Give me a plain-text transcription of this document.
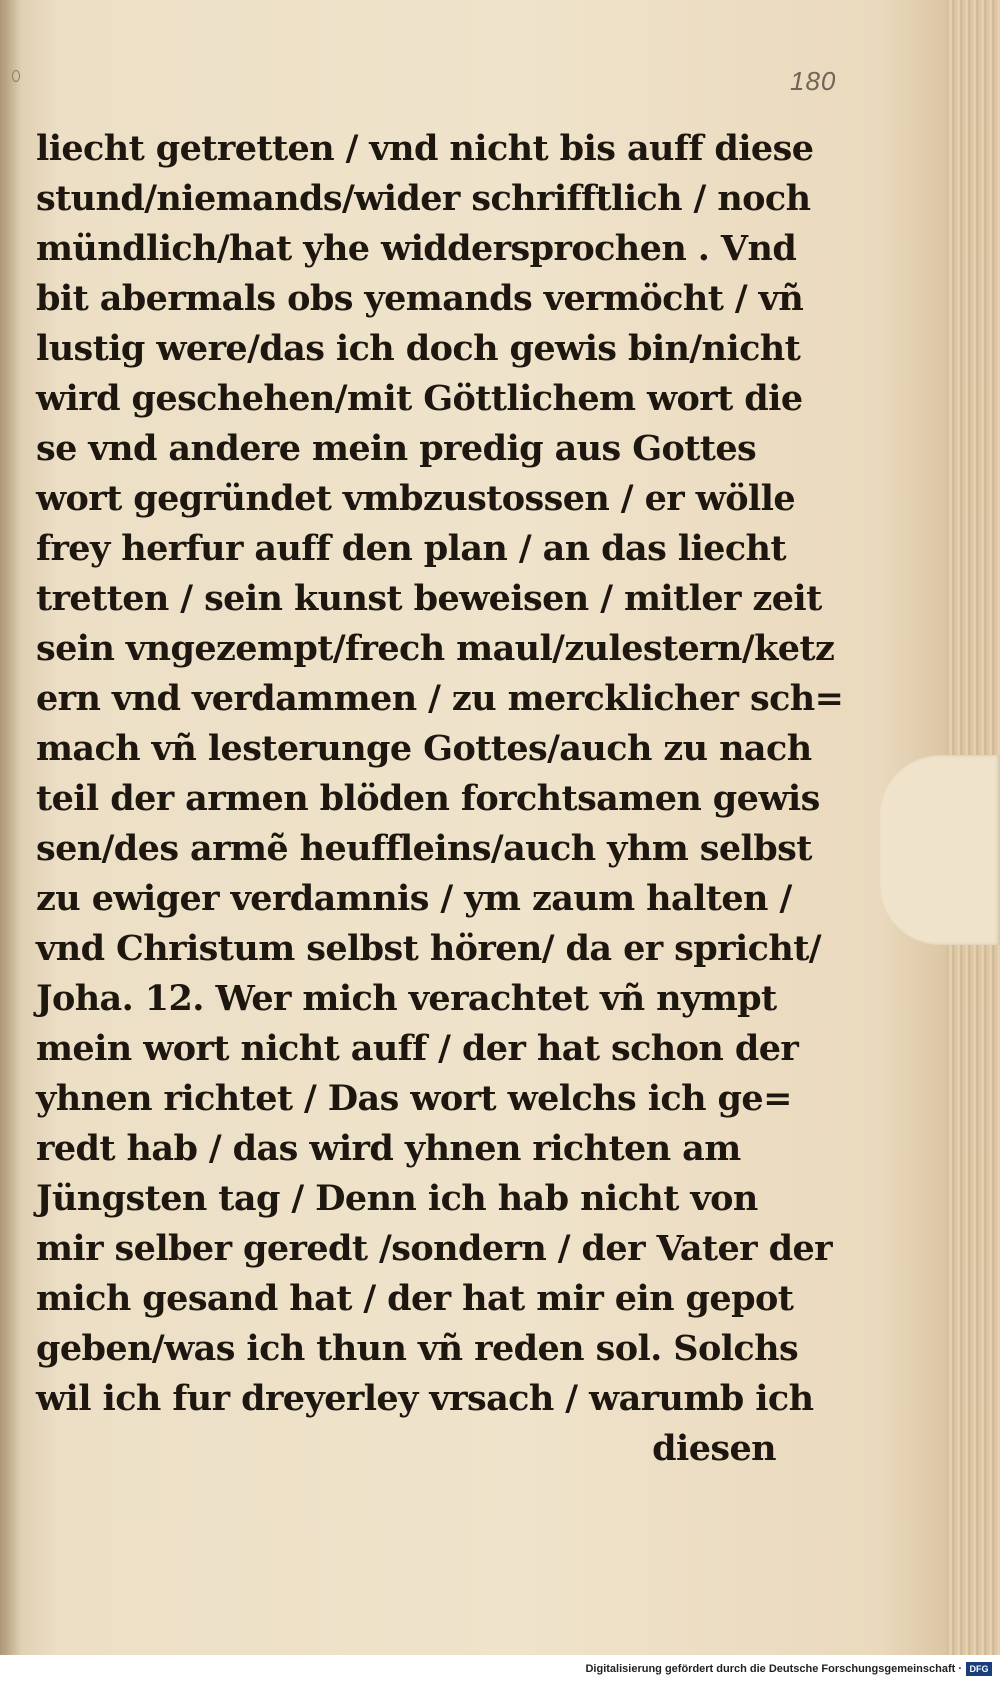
180
liecht getretten / vnd nicht bis auff diese
stund/niemands/wider schrifftlich / noch
mündlich/hat yhe widdersprochen . Vnd
bit abermals obs yemands vermöcht / vñ
lustig were/das ich doch gewis bin/nicht
wird geschehen/mit Göttlichem wort die
se vnd andere mein predig aus Gottes
wort gegründet vmbzustossen / er wölle
frey herfur auff den plan / an das liecht
tretten / sein kunst beweisen / mitler zeit
sein vngezempt/frech maul/zulestern/ketz
ern vnd verdammen / zu mercklicher sch=
mach vñ lesterunge Gottes/auch zu nach
teil der armen blöden forchtsamen gewis
sen/des armẽ heuffleins/auch yhm selbst
zu ewiger verdamnis / ym zaum halten /
vnd Christum selbst hören/ da er spricht/
Joha. 12. Wer mich verachtet vñ nympt
mein wort nicht auff / der hat schon der
yhnen richtet / Das wort welchs ich ge=
redt hab / das wird yhnen richten am
Jüngsten tag / Denn ich hab nicht von
mir selber geredt /sondern / der Vater der
mich gesand hat / der hat mir ein gepot
geben/was ich thun vñ reden sol. Solchs
wil ich fur dreyerley vrsach / warumb ich
diesen
Digitalisierung gefördert durch die Deutsche Forschungsgemeinschaft · DFG
